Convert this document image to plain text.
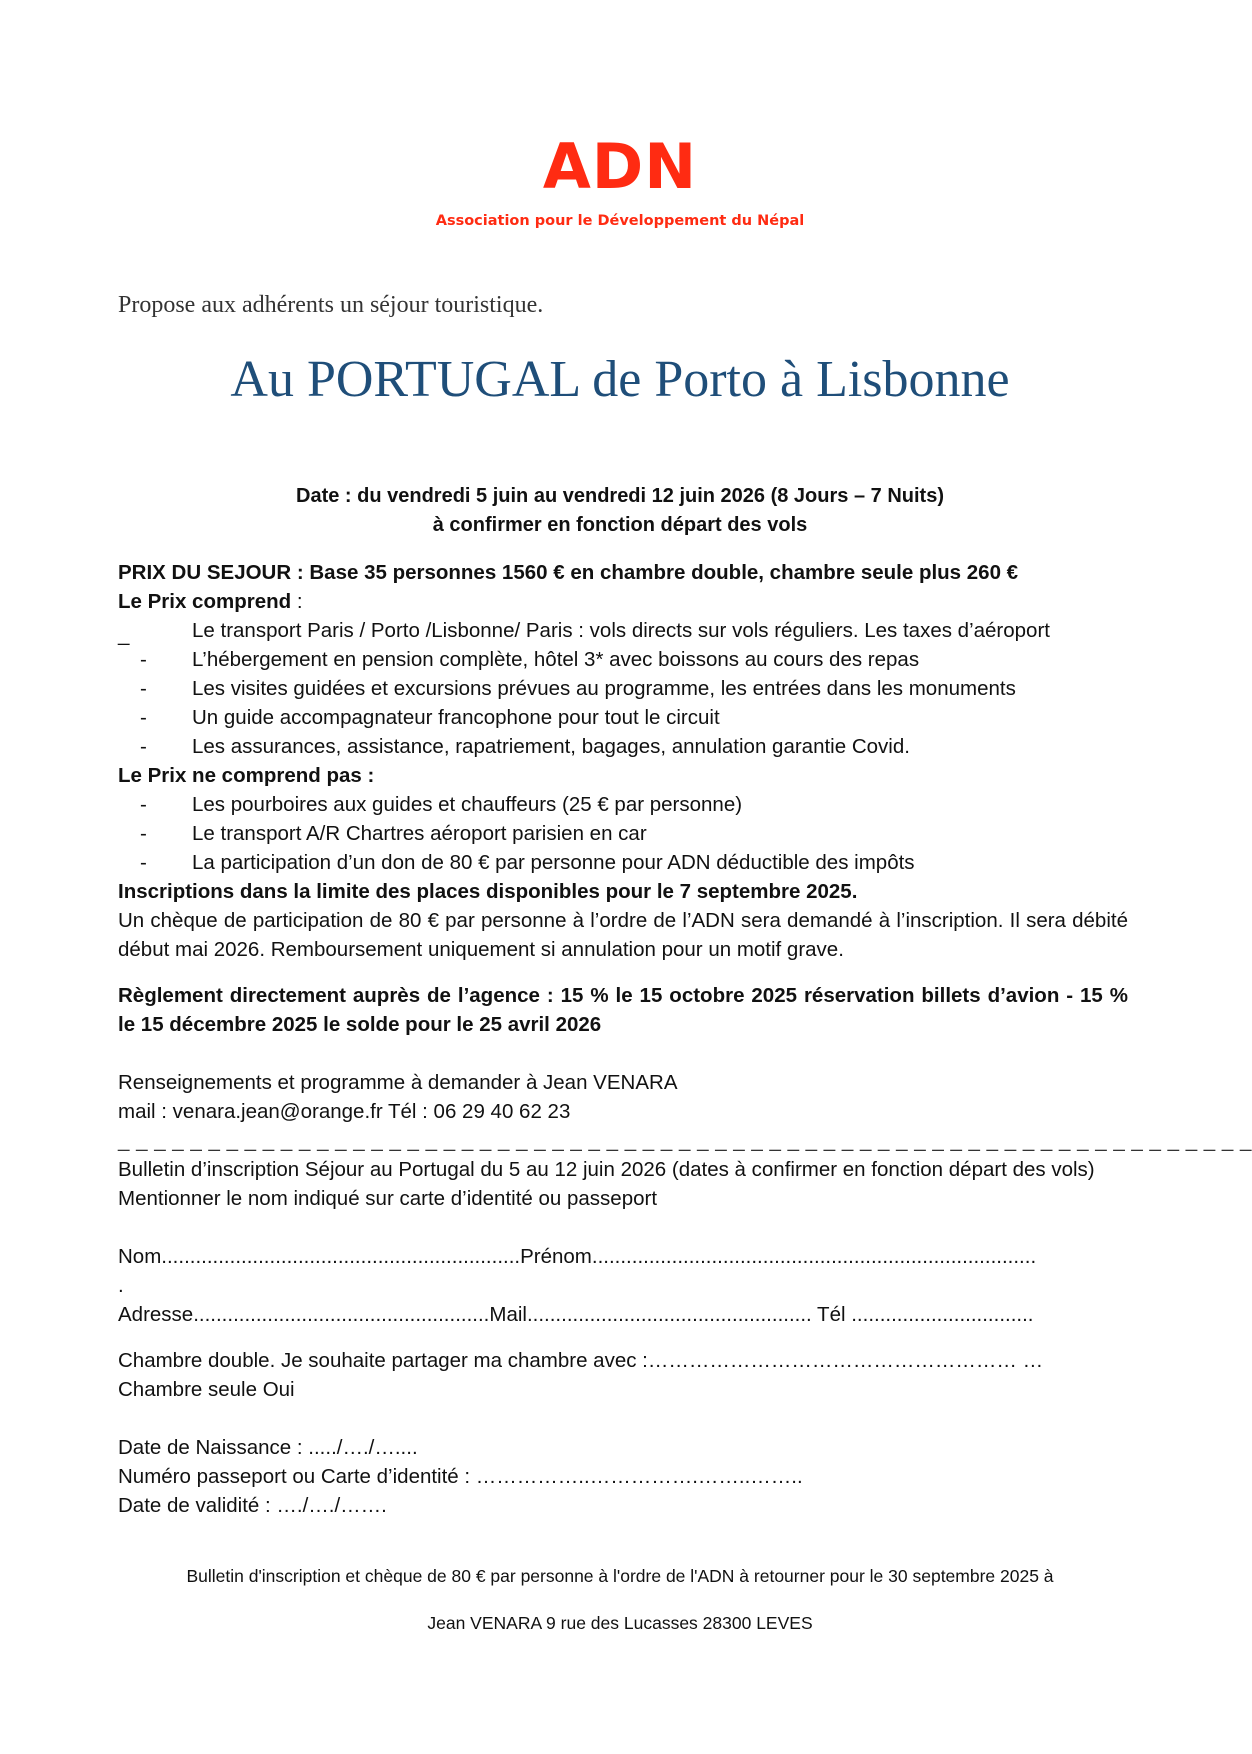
ADN
Association pour le Développement du Népal
Propose aux adhérents un séjour touristique.
Au PORTUGAL de Porto à Lisbonne
Date : du vendredi 5 juin au vendredi 12 juin 2026 (8 Jours – 7 Nuits)
à confirmer en fonction départ des vols
PRIX DU SEJOUR : Base 35 personnes 1560 € en chambre double, chambre seule plus 260 €
Le Prix comprend :
_	Le transport Paris / Porto /Lisbonne/ Paris : vols directs sur vols réguliers. Les taxes d’aéroport
- L’hébergement en pension complète, hôtel 3* avec boissons au cours des repas
- Les visites guidées et excursions prévues au programme, les entrées dans les monuments
- Un guide accompagnateur francophone pour tout le circuit
- Les assurances, assistance, rapatriement, bagages, annulation garantie Covid.
Le Prix ne comprend pas :
- Les pourboires aux guides et chauffeurs (25 € par personne)
- Le transport A/R Chartres aéroport parisien en car
- La participation d’un don de 80 € par personne pour ADN déductible des impôts
Inscriptions dans la limite des places disponibles pour le 7 septembre 2025.
Un chèque de participation de 80 € par personne à l’ordre de l’ADN sera demandé à l’inscription. Il sera débité début mai 2026. Remboursement uniquement si annulation pour un motif grave.
Règlement directement auprès de l’agence : 15 % le 15 octobre 2025 réservation billets d’avion - 15 % le 15 décembre 2025 le solde pour le 25 avril 2026
Renseignements et programme à demander à Jean VENARA
mail : venara.jean@orange.fr Tél : 06 29 40 62 23
_ _ _ _ _ _ _ _ _ _ _ _ _ _ _ _ _ _ _ _ _ _ _ _ _ _ _ _ _ _ _ _ _ _ _ _ _ _ _ _ _ _ _ _ _ _ _ _ _ _ _ _ _ _ _ _ _ _ _ _ _ _ _
Bulletin d’inscription Séjour au Portugal du 5 au 12 juin 2026 (dates à confirmer en fonction départ des vols)
Mentionner le nom indiqué sur carte d’identité ou passeport
Nom...............................................................Prénom..............................................................................
.
Adresse....................................................Mail.................................................. Tél ................................
Chambre double. Je souhaite partager ma chambre avec :……………………………………………… …
Chambre seule Oui
Date de Naissance : ...../…./…....
Numéro passeport ou Carte d’identité : ……………..…………….……..……..
Date de validité : …./…./…….
Bulletin d'inscription et chèque de 80 € par personne à l'ordre de l'ADN à retourner pour le 30 septembre 2025 à
Jean VENARA 9 rue des Lucasses 28300 LEVES
